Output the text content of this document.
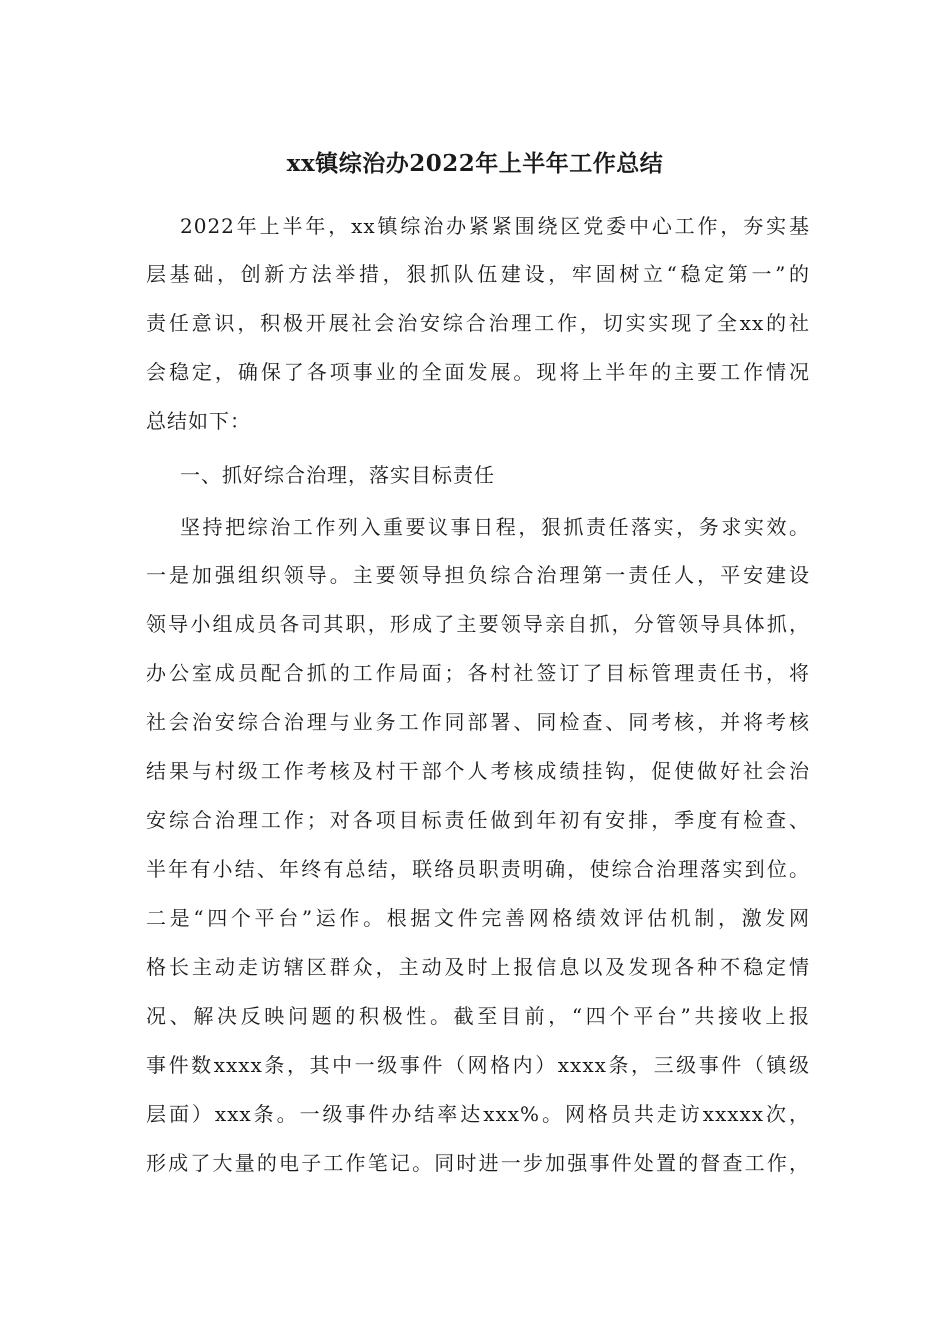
xx镇综治办2022年上半年工作总结
2022年上半年，xx镇综治办紧紧围绕区党委中心工作，夯实基
层基础，创新方法举措，狠抓队伍建设，牢固树立“稳定第一”的
责任意识，积极开展社会治安综合治理工作，切实实现了全xx的社
会稳定，确保了各项事业的全面发展。现将上半年的主要工作情况
总结如下：
一、抓好综合治理，落实目标责任
坚持把综治工作列入重要议事日程，狠抓责任落实，务求实效。
一是加强组织领导。主要领导担负综合治理第一责任人，平安建设
领导小组成员各司其职，形成了主要领导亲自抓，分管领导具体抓，
办公室成员配合抓的工作局面；各村社签订了目标管理责任书，将
社会治安综合治理与业务工作同部署、同检查、同考核，并将考核
结果与村级工作考核及村干部个人考核成绩挂钩，促使做好社会治
安综合治理工作；对各项目标责任做到年初有安排，季度有检查、
半年有小结、年终有总结，联络员职责明确，使综合治理落实到位。
二是“四个平台”运作。根据文件完善网格绩效评估机制，激发网
格长主动走访辖区群众，主动及时上报信息以及发现各种不稳定情
况、解决反映问题的积极性。截至目前，“四个平台”共接收上报
事件数xxxx条，其中一级事件（网格内）xxxx条，三级事件（镇级
层面）xxx条。一级事件办结率达xxx%。网格员共走访xxxxx次，
形成了大量的电子工作笔记。同时进一步加强事件处置的督查工作，
